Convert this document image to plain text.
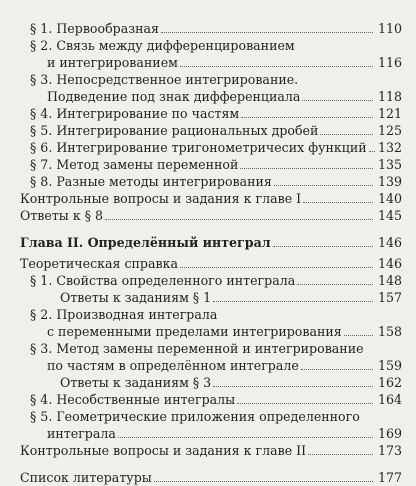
§ 1. Первообразная	110
§ 2. Связь между дифференцированием
и интегрированием	116
§ 3. Непосредственное интегрирование.
Подведение под знак дифференциала	118
§ 4. Интегрирование по частям	121
§ 5. Интегрирование рациональных дробей	125
§ 6. Интегрирование тригонометричесих функций 132
§ 7. Метод замены переменной	135
§ 8. Разные методы интегрирования	139
Контрольные вопросы и задания к главе I	140
Ответы к § 8	145
Глава II. Определённый интеграл	146
Теоретическая справка	146
§ 1. Свойства определенного интеграла	148
Ответы к заданиям § 1	157
§ 2. Производная интеграла
с переменными пределами интегрирования	158
§ 3. Метод замены переменной и интегрирование
по частям в определённом интеграле	159
Ответы к заданиям § 3	162
§ 4. Несобственные интегралы	164
§ 5. Геометрические приложения определенного
интеграла	169
Контрольные вопросы и задания к главе II	173
Список литературы	177
